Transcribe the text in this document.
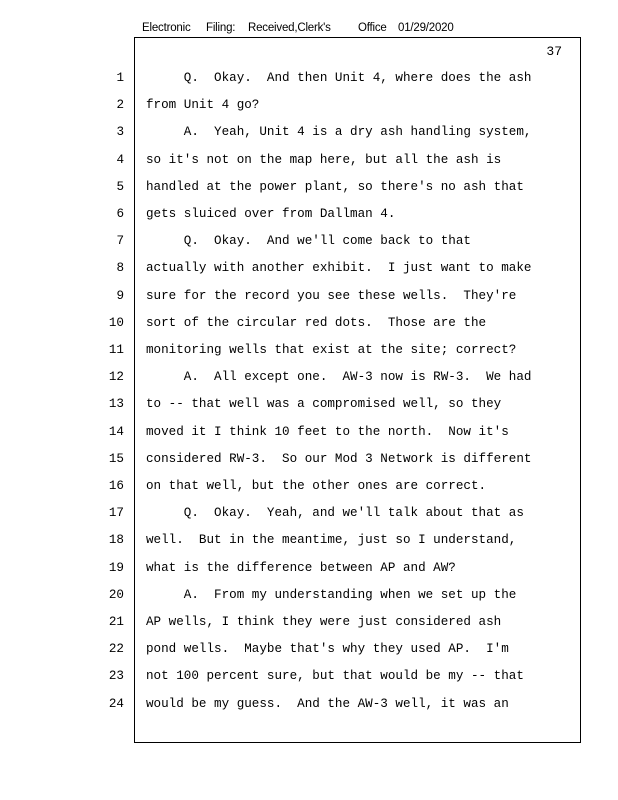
Electronic Filing: Received,Clerk's Office 01/29/2020
37
1 Q.  Okay.  And then Unit 4, where does the ash
2 from Unit 4 go?
3 A.  Yeah, Unit 4 is a dry ash handling system,
4 so it's not on the map here, but all the ash is
5 handled at the power plant, so there's no ash that
6 gets sluiced over from Dallman 4.
7 Q.  Okay.  And we'll come back to that
8 actually with another exhibit.  I just want to make
9 sure for the record you see these wells.  They're
10 sort of the circular red dots.  Those are the
11 monitoring wells that exist at the site; correct?
12 A.  All except one.  AW-3 now is RW-3.  We had
13 to -- that well was a compromised well, so they
14 moved it I think 10 feet to the north.  Now it's
15 considered RW-3.  So our Mod 3 Network is different
16 on that well, but the other ones are correct.
17 Q.  Okay.  Yeah, and we'll talk about that as
18 well.  But in the meantime, just so I understand,
19 what is the difference between AP and AW?
20 A.  From my understanding when we set up the
21 AP wells, I think they were just considered ash
22 pond wells.  Maybe that's why they used AP.  I'm
23 not 100 percent sure, but that would be my -- that
24 would be my guess.  And the AW-3 well, it was an
